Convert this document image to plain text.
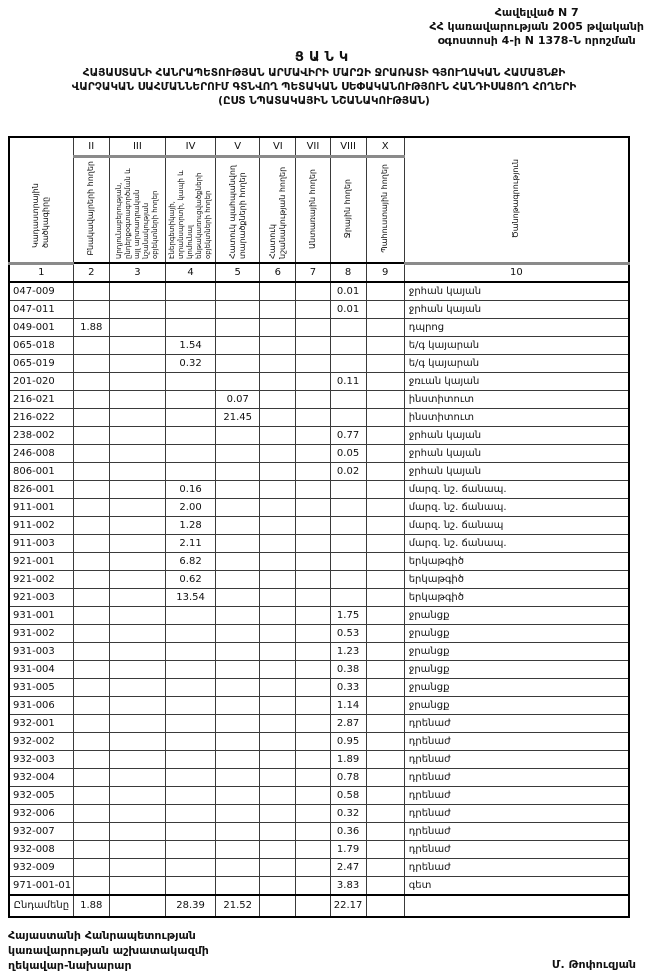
Հավելված N 7
ՀՀ կառավարության 2005 թվականի
օգոստոսի 4-ի N 1378-Ն որոշման
ՑԱՆԿ
ՀԱՅԱՍՏԱՆԻ ՀԱՆՐԱՊԵՏՈՒԹՅԱՆ ԱՐՄԱՎԻՐԻ ՄԱՐԶԻ ՋՐԱՌԱՏԻ ԳՅՈՒՂԱԿԱՆ ՀԱՄԱՅՆՔԻ
ՎԱՐՉԱԿԱՆ ՍԱՀՄԱՆՆԵՐՈՒՄ ԳՏՆՎՈՂ ՊԵՏԱԿԱՆ ՍԵՓԱԿԱՆՈՒԹՅՈՒՆ ՀԱՆԴԻՍԱՑՈՂ ՀՈՂԵՐԻ
(ԸՍՏ ՆՊԱՏԱԿԱՅԻՆ ՆՇԱՆԱԿՈՒԹՅԱՆ)
Կադաստրային ծածկագիրը	II	III	IV	V	VI	VII	VIII	X	Ծանոթագրություն
	Բնակավայրերի հողեր	Արդյունաբերության, ընդերքօգտագործման և այլ արտադրական նշանակության օբյեկտների հողեր	Էներգետիկայի, տրանսպորտի, կապի և կոմունալ ենթակառուցվածքների օբյեկտների հողեր	Հատուկ պահպանվող տարածքների հողեր	Հատուկ նշանակության հողեր	Անտառային հողեր	Ջրային հողեր	Պահուստային հողեր	
1	2	3	4	5	6	7	8	9	10
047-009							0.01		ջրհան կայան
047-011							0.01		ջրհան կայան
049-001	1.88								դպրոց
065-018			1.54						ե/գ կայարան
065-019			0.32						ե/գ կայարան
201-020							0.11		ջռւան կայան
216-021				0.07					ինստիտուտ
216-022				21.45					ինստիտուտ
238-002							0.77		ջրհան կայան
246-008							0.05		ջրհան կայան
806-001							0.02		ջրհան կայան
826-001			0.16						մարզ. նշ. ճանապ.
911-001			2.00						մարզ. նշ. ճանապ.
911-002			1.28						մարզ. նշ. ճանապ
911-003			2.11						մարզ. նշ. ճանապ.
921-001			6.82						երկաթգիծ
921-002			0.62						երկաթգիծ
921-003			13.54						երկաթգիծ
931-001							1.75		ջրանցք
931-002							0.53		ջրանցք
931-003							1.23		ջրանցք
931-004							0.38		ջրանցք
931-005							0.33		ջրանցք
931-006							1.14		ջրանցք
932-001							2.87		դրենաժ
932-002							0.95		դրենաժ
932-003							1.89		դրենաժ
932-004							0.78		դրենաժ
932-005							0.58		դրենաժ
932-006							0.32		դրենաժ
932-007							0.36		դրենաժ
932-008							1.79		դրենաժ
932-009							2.47		դրենաժ
971-001-01							3.83		գետ
Ընդամենը	1.88		28.39	21.52			22.17		
Հայաստանի Հանրապետության
կառավարության աշխատակազմի
ղեկավար-նախարար	Մ. Թոփուզյան
